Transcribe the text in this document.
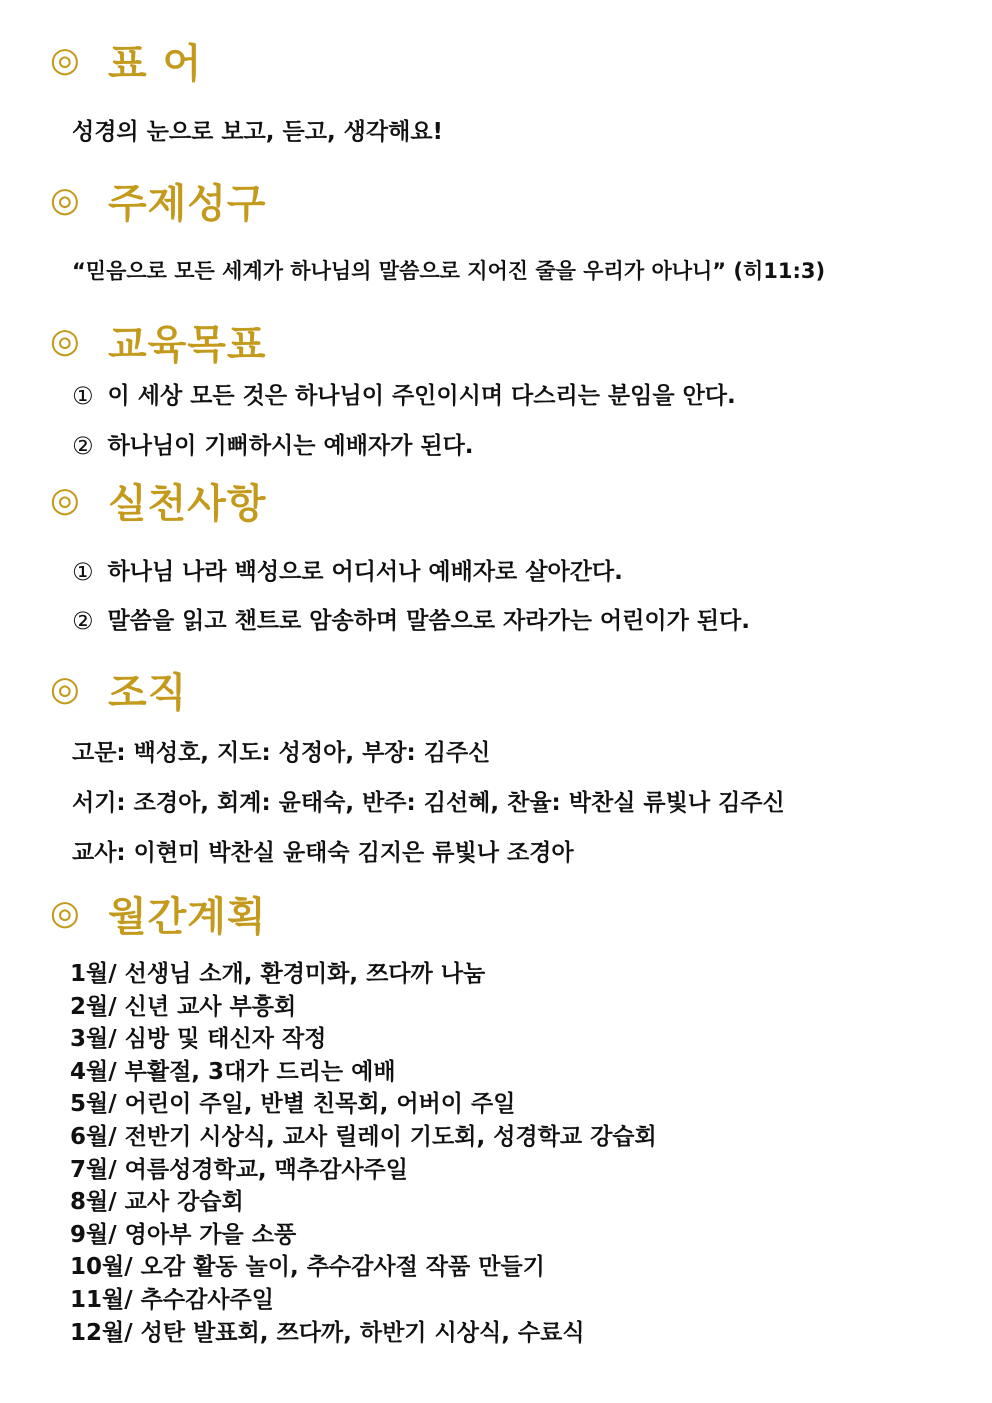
◎ 표 어
성경의 눈으로 보고, 듣고, 생각해요!
◎ 주제성구
“믿음으로 모든 세계가 하나님의 말씀으로 지어진 줄을 우리가 아나니” (히11:3)
◎ 교육목표
① 이 세상 모든 것은 하나님이 주인이시며 다스리는 분임을 안다.
② 하나님이 기뻐하시는 예배자가 된다.
◎ 실천사항
① 하나님 나라 백성으로 어디서나 예배자로 살아간다.
② 말씀을 읽고 챈트로 암송하며 말씀으로 자라가는 어린이가 된다.
◎ 조직
고문: 백성호, 지도: 성정아, 부장: 김주신
서기: 조경아, 회계: 윤태숙, 반주: 김선혜, 찬율: 박찬실 류빛나 김주신
교사: 이현미 박찬실 윤태숙 김지은 류빛나 조경아
◎ 월간계획
1월/ 선생님 소개, 환경미화, 쯔다까 나눔
2월/ 신년 교사 부흥회
3월/ 심방 및 태신자 작정
4월/ 부활절, 3대가 드리는 예배
5월/ 어린이 주일, 반별 친목회, 어버이 주일
6월/ 전반기 시상식, 교사 릴레이 기도회, 성경학교 강습회
7월/ 여름성경학교, 맥추감사주일
8월/ 교사 강습회
9월/ 영아부 가을 소풍
10월/ 오감 활동 놀이, 추수감사절 작품 만들기
11월/ 추수감사주일
12월/ 성탄 발표회, 쯔다까, 하반기 시상식, 수료식
